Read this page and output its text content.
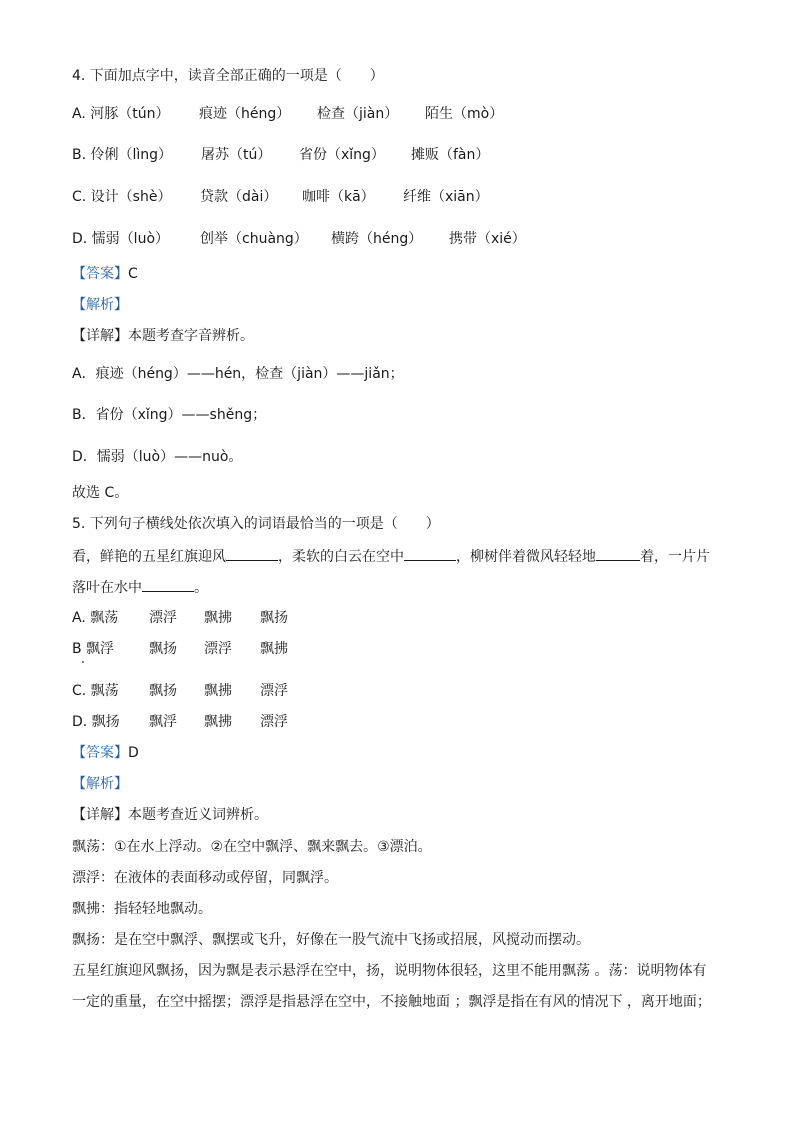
4. 下面加点字中，读音全部正确的一项是（　　）
A. 河豚（tún） 痕迹（héng） 检查（jiàn） 陌生（mò）
B. 伶俐（lìng） 屠苏（tú） 省份（xǐng） 摊贩（fàn）
C. 设计（shè） 贷款（dài） 咖啡（kā） 纤维（xiān）
D. 懦弱（luò） 创举（chuàng） 横跨（héng） 携带（xié）
【答案】C
【解析】
【详解】本题考查字音辨析。
A．痕迹（héng）——hén，检查（jiàn）——jiǎn；
B．省份（xǐng）——shěng；
D．懦弱（luò）——nuò。
故选 C。
5. 下列句子横线处依次填入的词语最恰当的一项是（　　）
看，鲜艳的五星红旗迎风	，柔软的白云在空中	，柳树伴着微风轻轻地	着，一片片
落叶在水中	。
A. 飘荡 漂浮 飘拂 飘扬
B 飘浮 飘扬 漂浮 飘拂
C. 飘荡 飘扬 飘拂 漂浮
D. 飘扬 飘浮 飘拂 漂浮
【答案】D
【解析】
【详解】本题考查近义词辨析。
飘荡：①在水上浮动。②在空中飘浮、飘来飘去。③漂泊。
漂浮：在液体的表面移动或停留，同飘浮。
飘拂：指轻轻地飘动。
飘扬：是在空中飘浮、飘摆或飞升，好像在一股气流中飞扬或招展，风搅动而摆动。
五星红旗迎风飘扬，因为飘是表示悬浮在空中，扬，说明物体很轻，这里不能用飘荡 。荡：说明物体有
一定的重量，在空中摇摆；漂浮是指悬浮在空中，不接触地面 ；飘浮是指在有风的情况下 ，离开地面；
